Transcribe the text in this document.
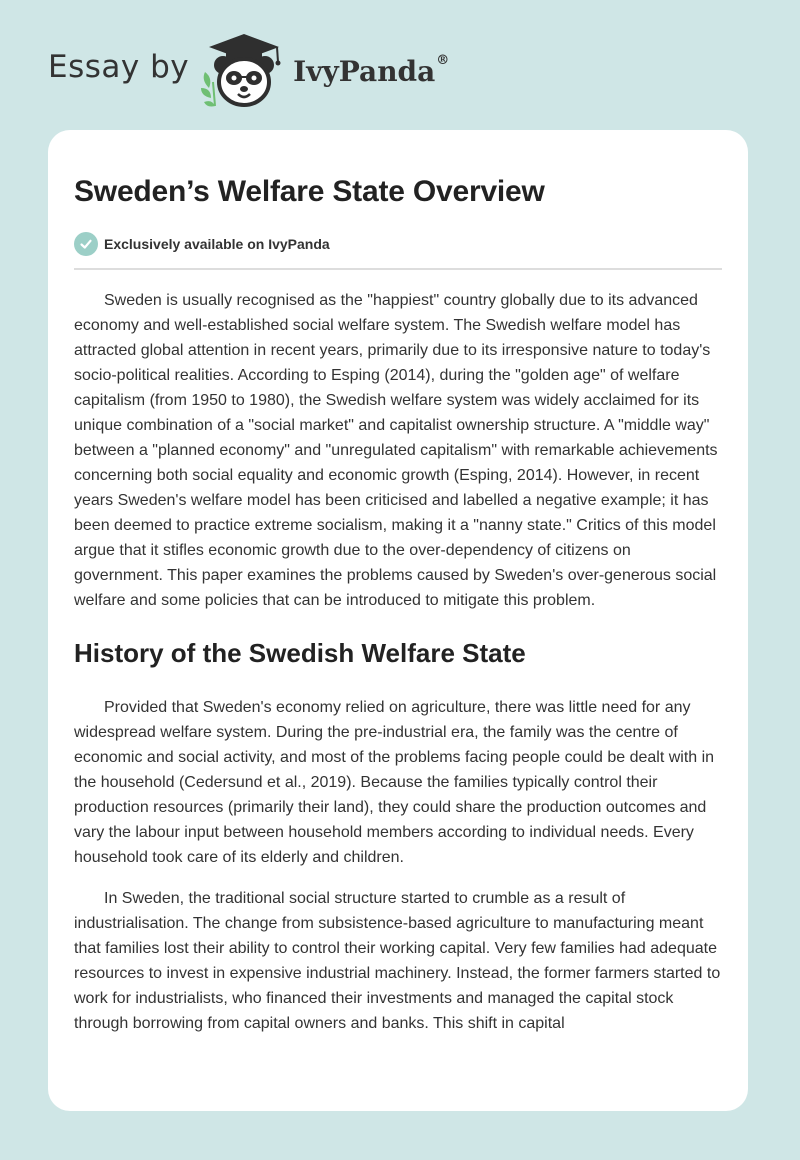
Essay by	IvyPanda®
Sweden’s Welfare State Overview
Exclusively available on IvyPanda

Sweden is usually recognised as the "happiest" country globally due to its advanced economy and well-established social welfare system. The Swedish welfare model has attracted global attention in recent years, primarily due to its irresponsive nature to today's socio-political realities. According to Esping (2014), during the "golden age" of welfare capitalism (from 1950 to 1980), the Swedish welfare system was widely acclaimed for its unique combination of a "social market" and capitalist ownership structure. A "middle way" between a "planned economy" and "unregulated capitalism" with remarkable achievements concerning both social equality and economic growth (Esping, 2014). However, in recent years Sweden's welfare model has been criticised and labelled a negative example; it has been deemed to practice extreme socialism, making it a "nanny state." Critics of this model argue that it stifles economic growth due to the over-dependency of citizens on government. This paper examines the problems caused by Sweden's over-generous social welfare and some policies that can be introduced to mitigate this problem.

History of the Swedish Welfare State

Provided that Sweden's economy relied on agriculture, there was little need for any widespread welfare system. During the pre-industrial era, the family was the centre of economic and social activity, and most of the problems facing people could be dealt with in the household (Cedersund et al., 2019). Because the families typically control their production resources (primarily their land), they could share the production outcomes and vary the labour input between household members according to individual needs. Every household took care of its elderly and children.

In Sweden, the traditional social structure started to crumble as a result of industrialisation. The change from subsistence-based agriculture to manufacturing meant that families lost their ability to control their working capital. Very few families had adequate resources to invest in expensive industrial machinery. Instead, the former farmers started to work for industrialists, who financed their investments and managed the capital stock through borrowing from capital owners and banks. This shift in capital
